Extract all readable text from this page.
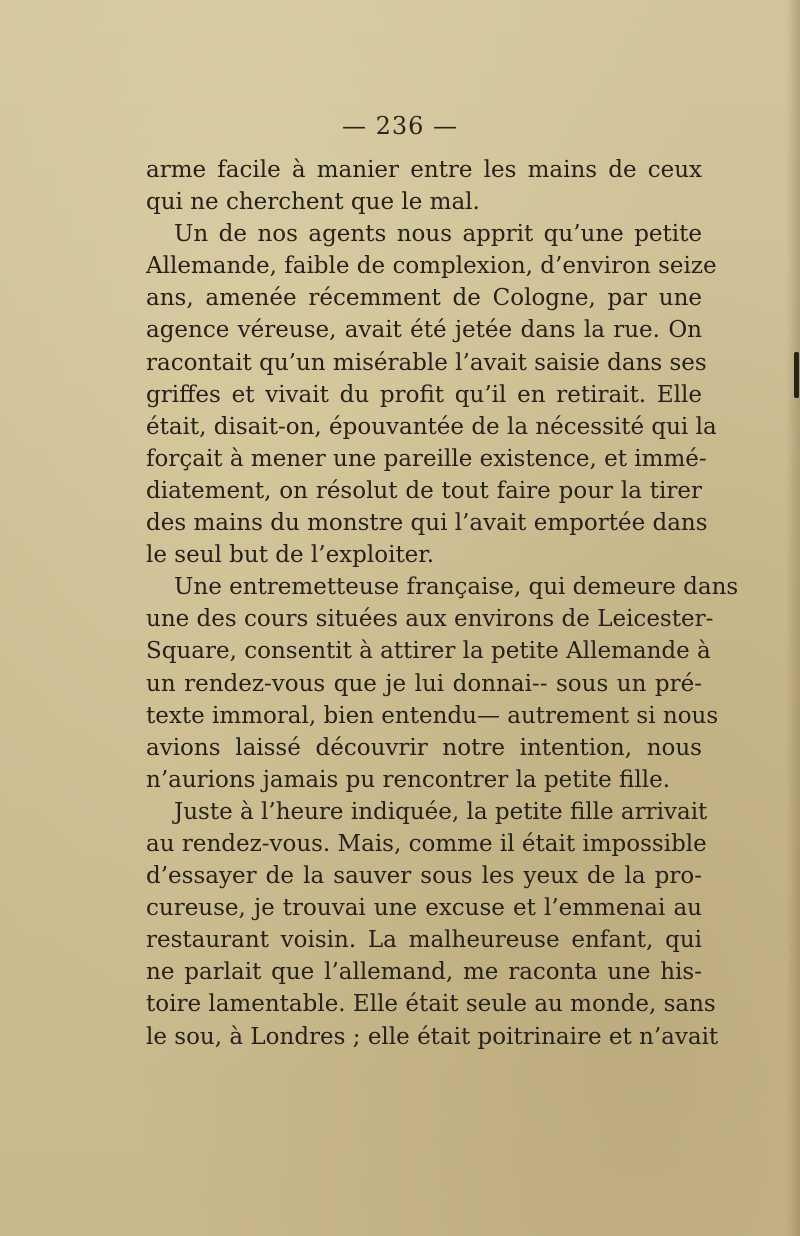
— 236 —
arme facile à manier entre les mains de ceux
qui ne cherchent que le mal.
Un de nos agents nous apprit qu’une petite
Allemande, faible de complexion, d’environ seize
ans, amenée récemment de Cologne, par une
agence véreuse, avait été jetée dans la rue. On
racontait qu’un misérable l’avait saisie dans ses
griffes et vivait du profit qu’il en retirait. Elle
était, disait-on, épouvantée de la nécessité qui la
forçait à mener une pareille existence, et immé-
diatement, on résolut de tout faire pour la tirer
des mains du monstre qui l’avait emportée dans
le seul but de l’exploiter.
Une entremetteuse française, qui demeure dans
une des cours situées aux environs de Leicester-
Square, consentit à attirer la petite Allemande à
un rendez-vous que je lui donnai-- sous un pré-
texte immoral, bien entendu— autrement si nous
avions laissé découvrir notre intention, nous
n’aurions jamais pu rencontrer la petite fille.
Juste à l’heure indiquée, la petite fille arrivait
au rendez-vous. Mais, comme il était impossible
d’essayer de la sauver sous les yeux de la pro-
cureuse, je trouvai une excuse et l’emmenai au
restaurant voisin. La malheureuse enfant, qui
ne parlait que l’allemand, me raconta une his-
toire lamentable. Elle était seule au monde, sans
le sou, à Londres ; elle était poitrinaire et n’avait
